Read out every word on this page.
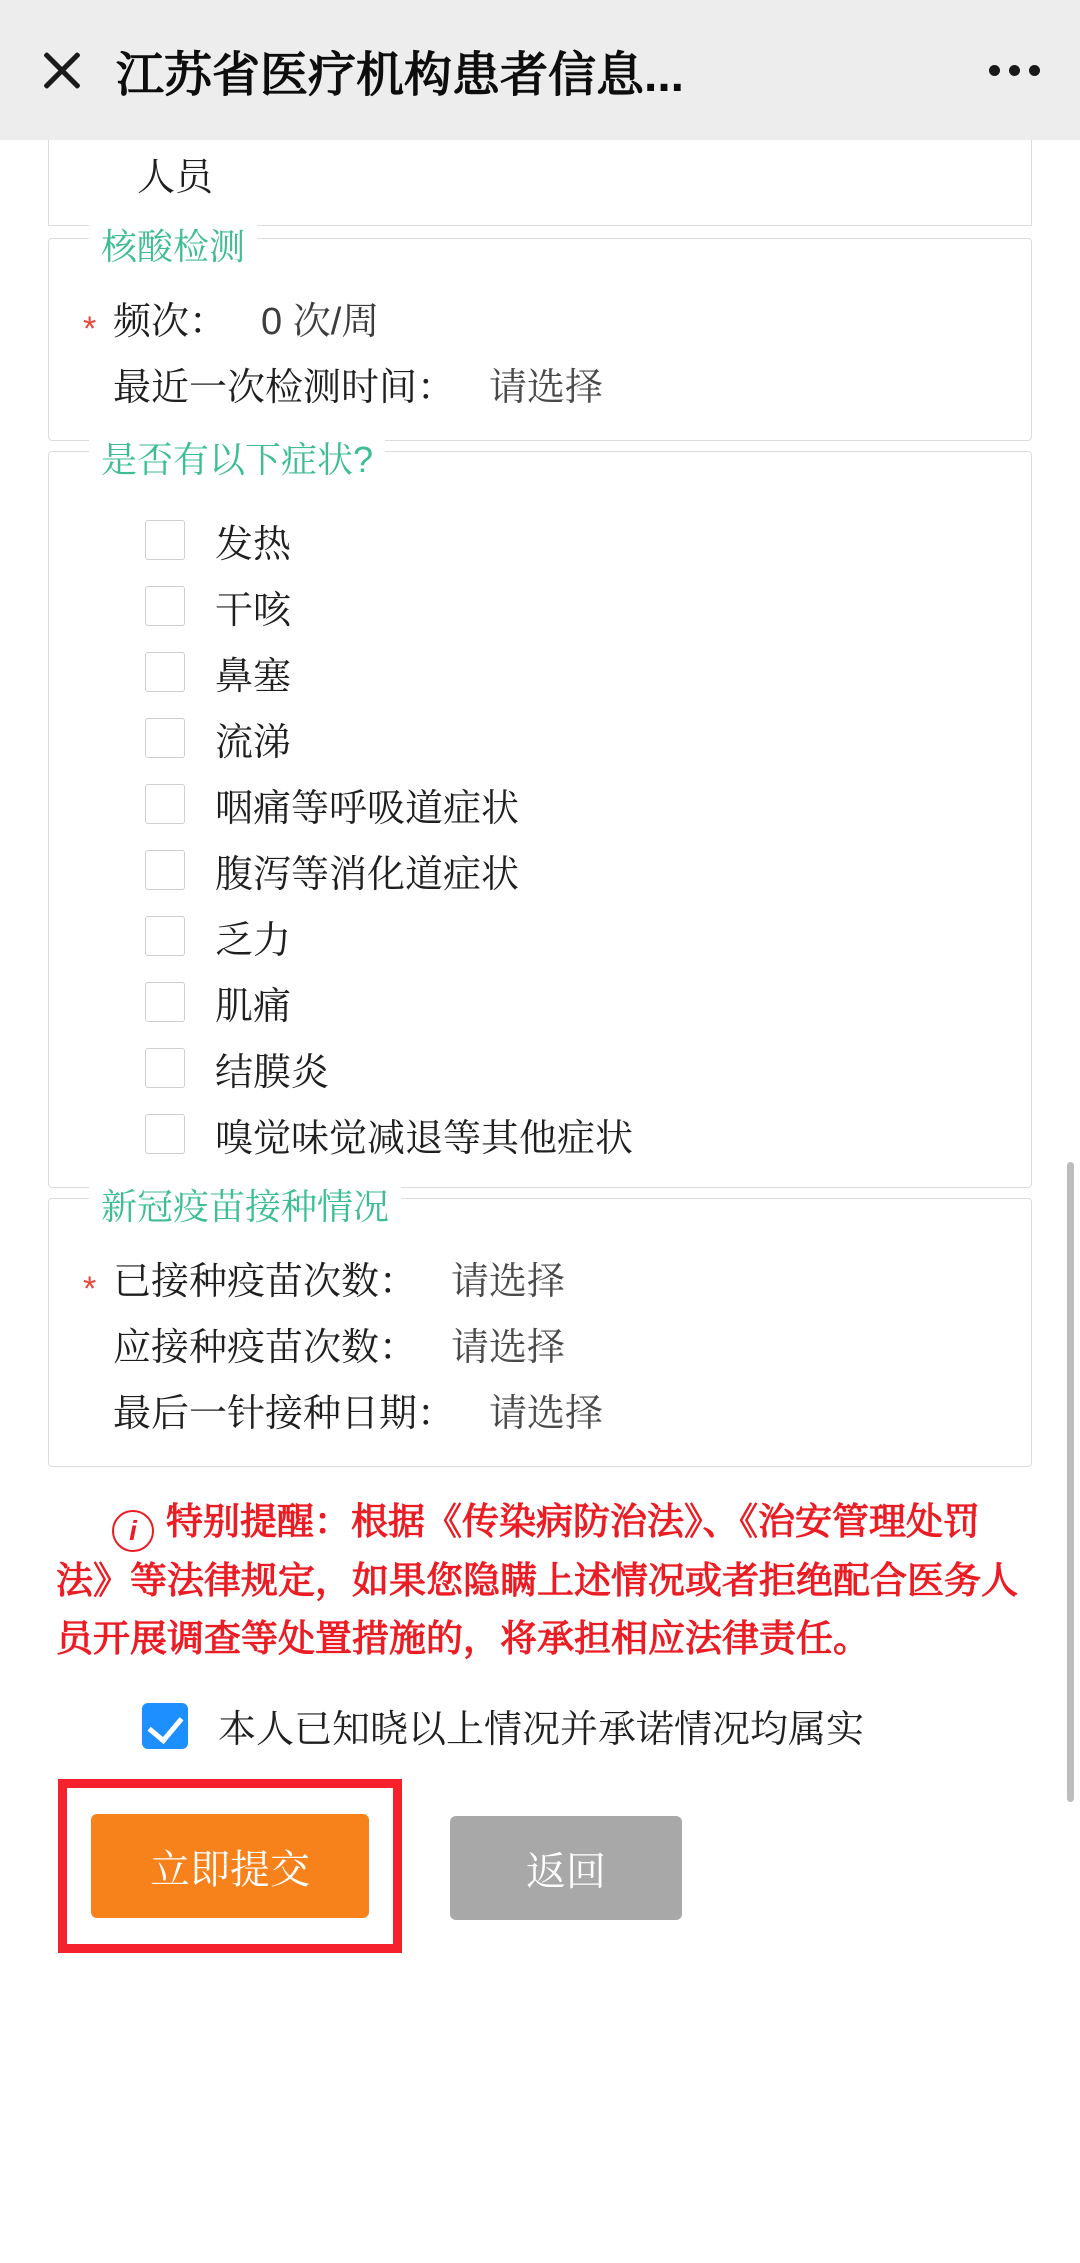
江苏省医疗机构患者信息...
人员
核酸检测
* 频次： 0 次/周
最近一次检测时间： 请选择
是否有以下症状?
发热
干咳
鼻塞
流涕
咽痛等呼吸道症状
腹泻等消化道症状
乏力
肌痛
结膜炎
嗅觉味觉减退等其他症状
新冠疫苗接种情况
* 已接种疫苗次数： 请选择
应接种疫苗次数： 请选择
最后一针接种日期： 请选择
i 特别提醒：根据《传染病防治法》、《治安管理处罚法》等法律规定，如果您隐瞒上述情况或者拒绝配合医务人员开展调查等处置措施的，将承担相应法律责任。
本人已知晓以上情况并承诺情况均属实
立即提交	返回
